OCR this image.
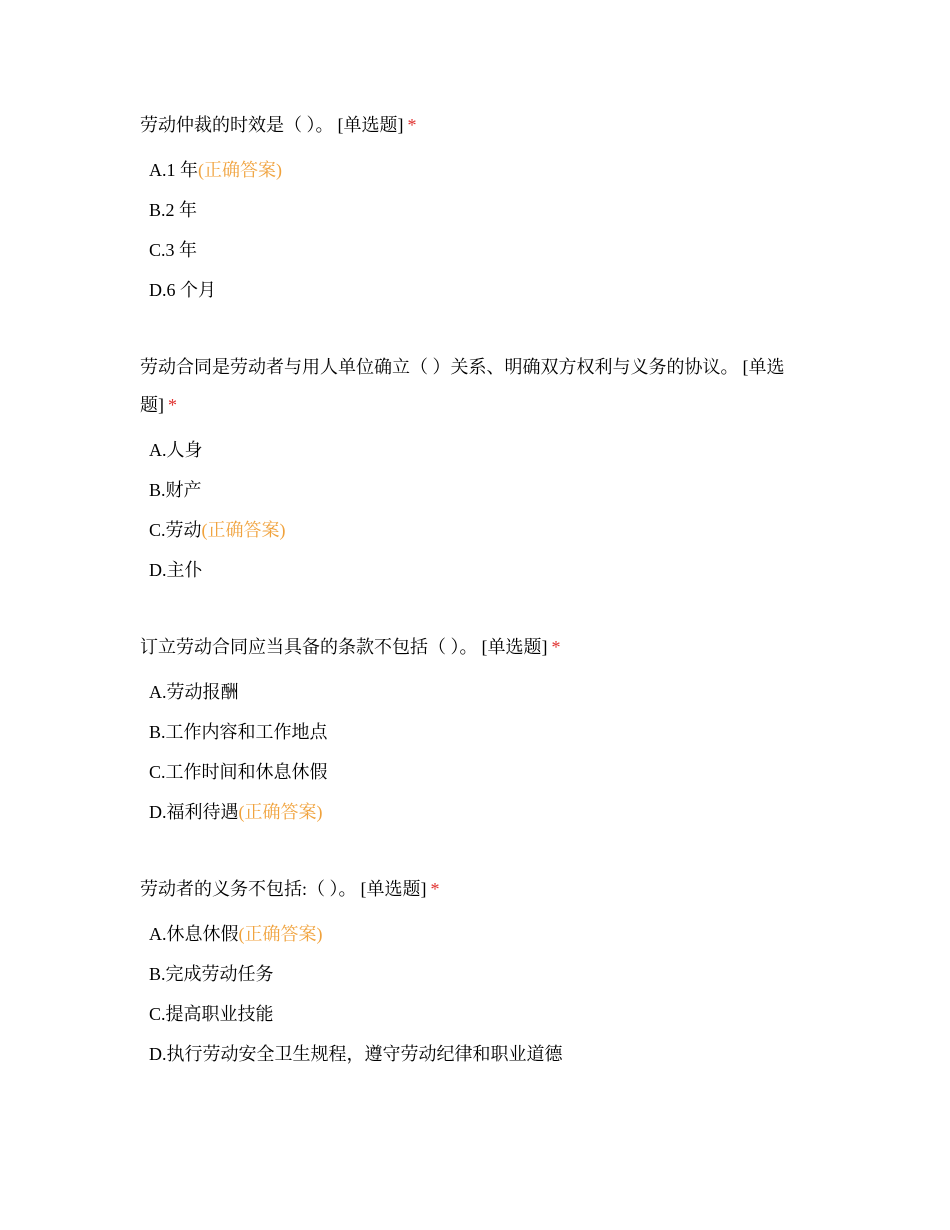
劳动仲裁的时效是（ ）。 [单选题] *

A.1 年(正确答案)
B.2 年
C.3 年
D.6 个月

劳动合同是劳动者与用人单位确立（ ）关系、明确双方权利与义务的协议。 [单选题] *

A.人身
B.财产
C.劳动(正确答案)
D.主仆

订立劳动合同应当具备的条款不包括（ ）。 [单选题] *

A.劳动报酬
B.工作内容和工作地点
C.工作时间和休息休假
D.福利待遇(正确答案)

劳动者的义务不包括:（ ）。 [单选题] *

A.休息休假(正确答案)
B.完成劳动任务
C.提高职业技能
D.执行劳动安全卫生规程，遵守劳动纪律和职业道德
